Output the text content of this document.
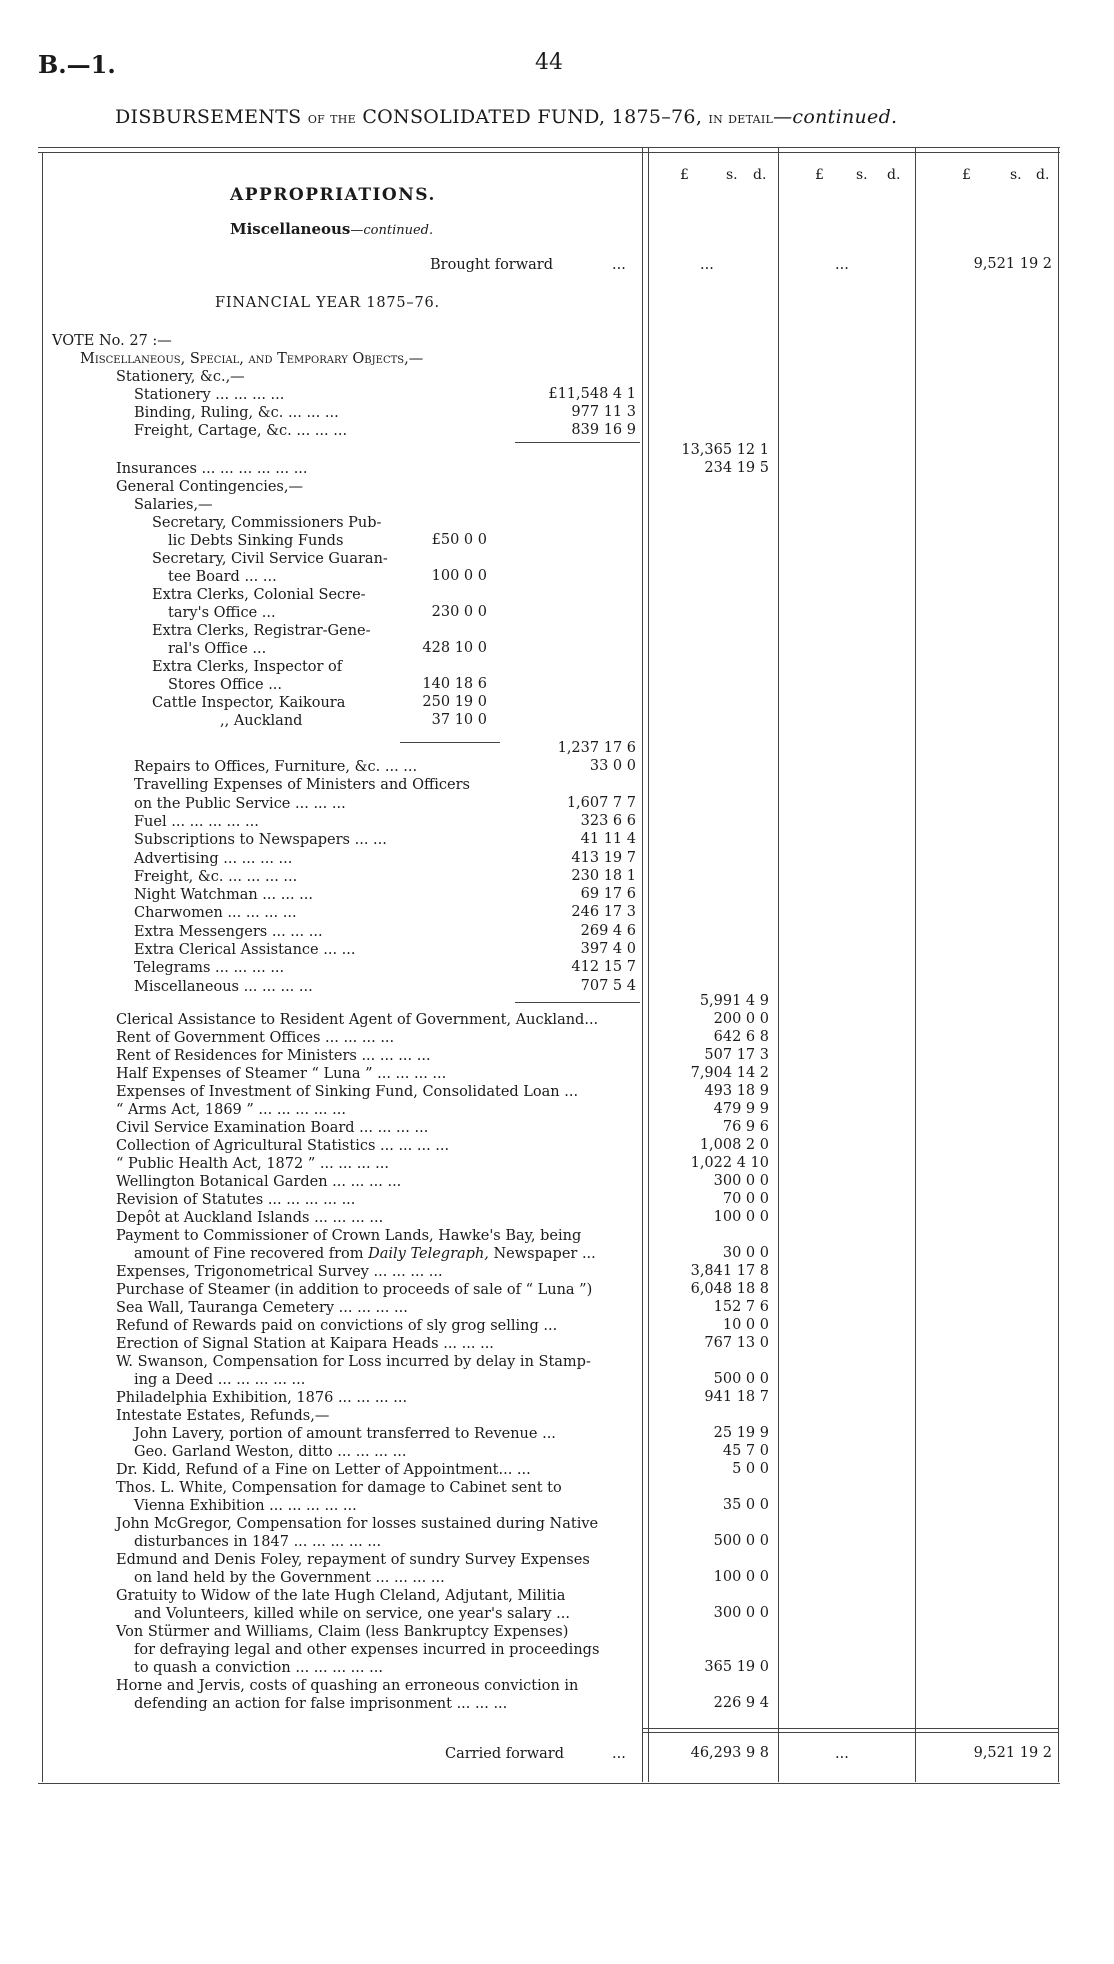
B.—1.	44
DISBURSEMENTS of the CONSOLIDATED FUND, 1875–76, in detail—continued.
£	s. d.	£ s. d.	£	s. d.
APPROPRIATIONS.
Miscellaneous—continued.
Brought forward	...	...	...	9,521 19 2
FINANCIAL YEAR 1875–76.
VOTE No. 27 :—
Miscellaneous, Special, and Temporary Objects,—
Stationery, &c.,—
Stationery ... ... ... ...	£11,548 4 1
Binding, Ruling, &c. ... ... ...	977 11 3
Freight, Cartage, &c. ... ... ...	839 16 9
13,365 12 1
Insurances ... ... ... ... ... ...	234 19 5
General Contingencies,—
Salaries,—
Secretary, Commissioners Pub-
lic Debts Sinking Funds	£50 0 0
Secretary, Civil Service Guaran-
tee Board ... ...	100 0 0
Extra Clerks, Colonial Secre-
tary's Office ...	230 0 0
Extra Clerks, Registrar-Gene-
ral's Office ...	428 10 0
Extra Clerks, Inspector of
Stores Office ...	140 18 6
Cattle Inspector, Kaikoura	250 19 0
,, Auckland	37 10 0
1,237 17 6
Repairs to Offices, Furniture, &c. ... ...	33 0 0
Travelling Expenses of Ministers and Officers
on the Public Service ... ... ...	1,607 7 7
Fuel ... ... ... ... ...	323 6 6
Subscriptions to Newspapers ... ...	41 11 4
Advertising ... ... ... ...	413 19 7
Freight, &c. ... ... ... ...	230 18 1
Night Watchman ... ... ...	69 17 6
Charwomen ... ... ... ...	246 17 3
Extra Messengers ... ... ...	269 4 6
Extra Clerical Assistance ... ...	397 4 0
Telegrams ... ... ... ...	412 15 7
Miscellaneous ... ... ... ...	707 5 4
5,991 4 9
Clerical Assistance to Resident Agent of Government, Auckland...	200 0 0
Rent of Government Offices ... ... ... ...	642 6 8
Rent of Residences for Ministers ... ... ... ...	507 17 3
Half Expenses of Steamer “ Luna ” ... ... ... ...	7,904 14 2
Expenses of Investment of Sinking Fund, Consolidated Loan ...	493 18 9
“ Arms Act, 1869 ” ... ... ... ... ...	479 9 9
Civil Service Examination Board ... ... ... ...	76 9 6
Collection of Agricultural Statistics ... ... ... ...	1,008 2 0
“ Public Health Act, 1872 ” ... ... ... ...	1,022 4 10
Wellington Botanical Garden ... ... ... ...	300 0 0
Revision of Statutes ... ... ... ... ...	70 0 0
Depôt at Auckland Islands ... ... ... ...	100 0 0
Payment to Commissioner of Crown Lands, Hawke's Bay, being
amount of Fine recovered from Daily Telegraph, Newspaper ...	30 0 0
Expenses, Trigonometrical Survey ... ... ... ...	3,841 17 8
Purchase of Steamer (in addition to proceeds of sale of “ Luna ”)	6,048 18 8
Sea Wall, Tauranga Cemetery ... ... ... ...	152 7 6
Refund of Rewards paid on convictions of sly grog selling ...	10 0 0
Erection of Signal Station at Kaipara Heads ... ... ...	767 13 0
W. Swanson, Compensation for Loss incurred by delay in Stamp-
ing a Deed ... ... ... ... ...	500 0 0
Philadelphia Exhibition, 1876 ... ... ... ...	941 18 7
Intestate Estates, Refunds,—
John Lavery, portion of amount transferred to Revenue ...	25 19 9
Geo. Garland Weston, ditto ... ... ... ...	45 7 0
Dr. Kidd, Refund of a Fine on Letter of Appointment... ...	5 0 0
Thos. L. White, Compensation for damage to Cabinet sent to
Vienna Exhibition ... ... ... ... ...	35 0 0
John McGregor, Compensation for losses sustained during Native
disturbances in 1847 ... ... ... ... ...	500 0 0
Edmund and Denis Foley, repayment of sundry Survey Expenses
on land held by the Government ... ... ... ...	100 0 0
Gratuity to Widow of the late Hugh Cleland, Adjutant, Militia
and Volunteers, killed while on service, one year's salary ...	300 0 0
Von Stürmer and Williams, Claim (less Bankruptcy Expenses)
for defraying legal and other expenses incurred in proceedings
to quash a conviction ... ... ... ... ...	365 19 0
Horne and Jervis, costs of quashing an erroneous conviction in
defending an action for false imprisonment ... ... ...	226 9 4
Carried forward	...	46,293 9 8	...	9,521 19 2
